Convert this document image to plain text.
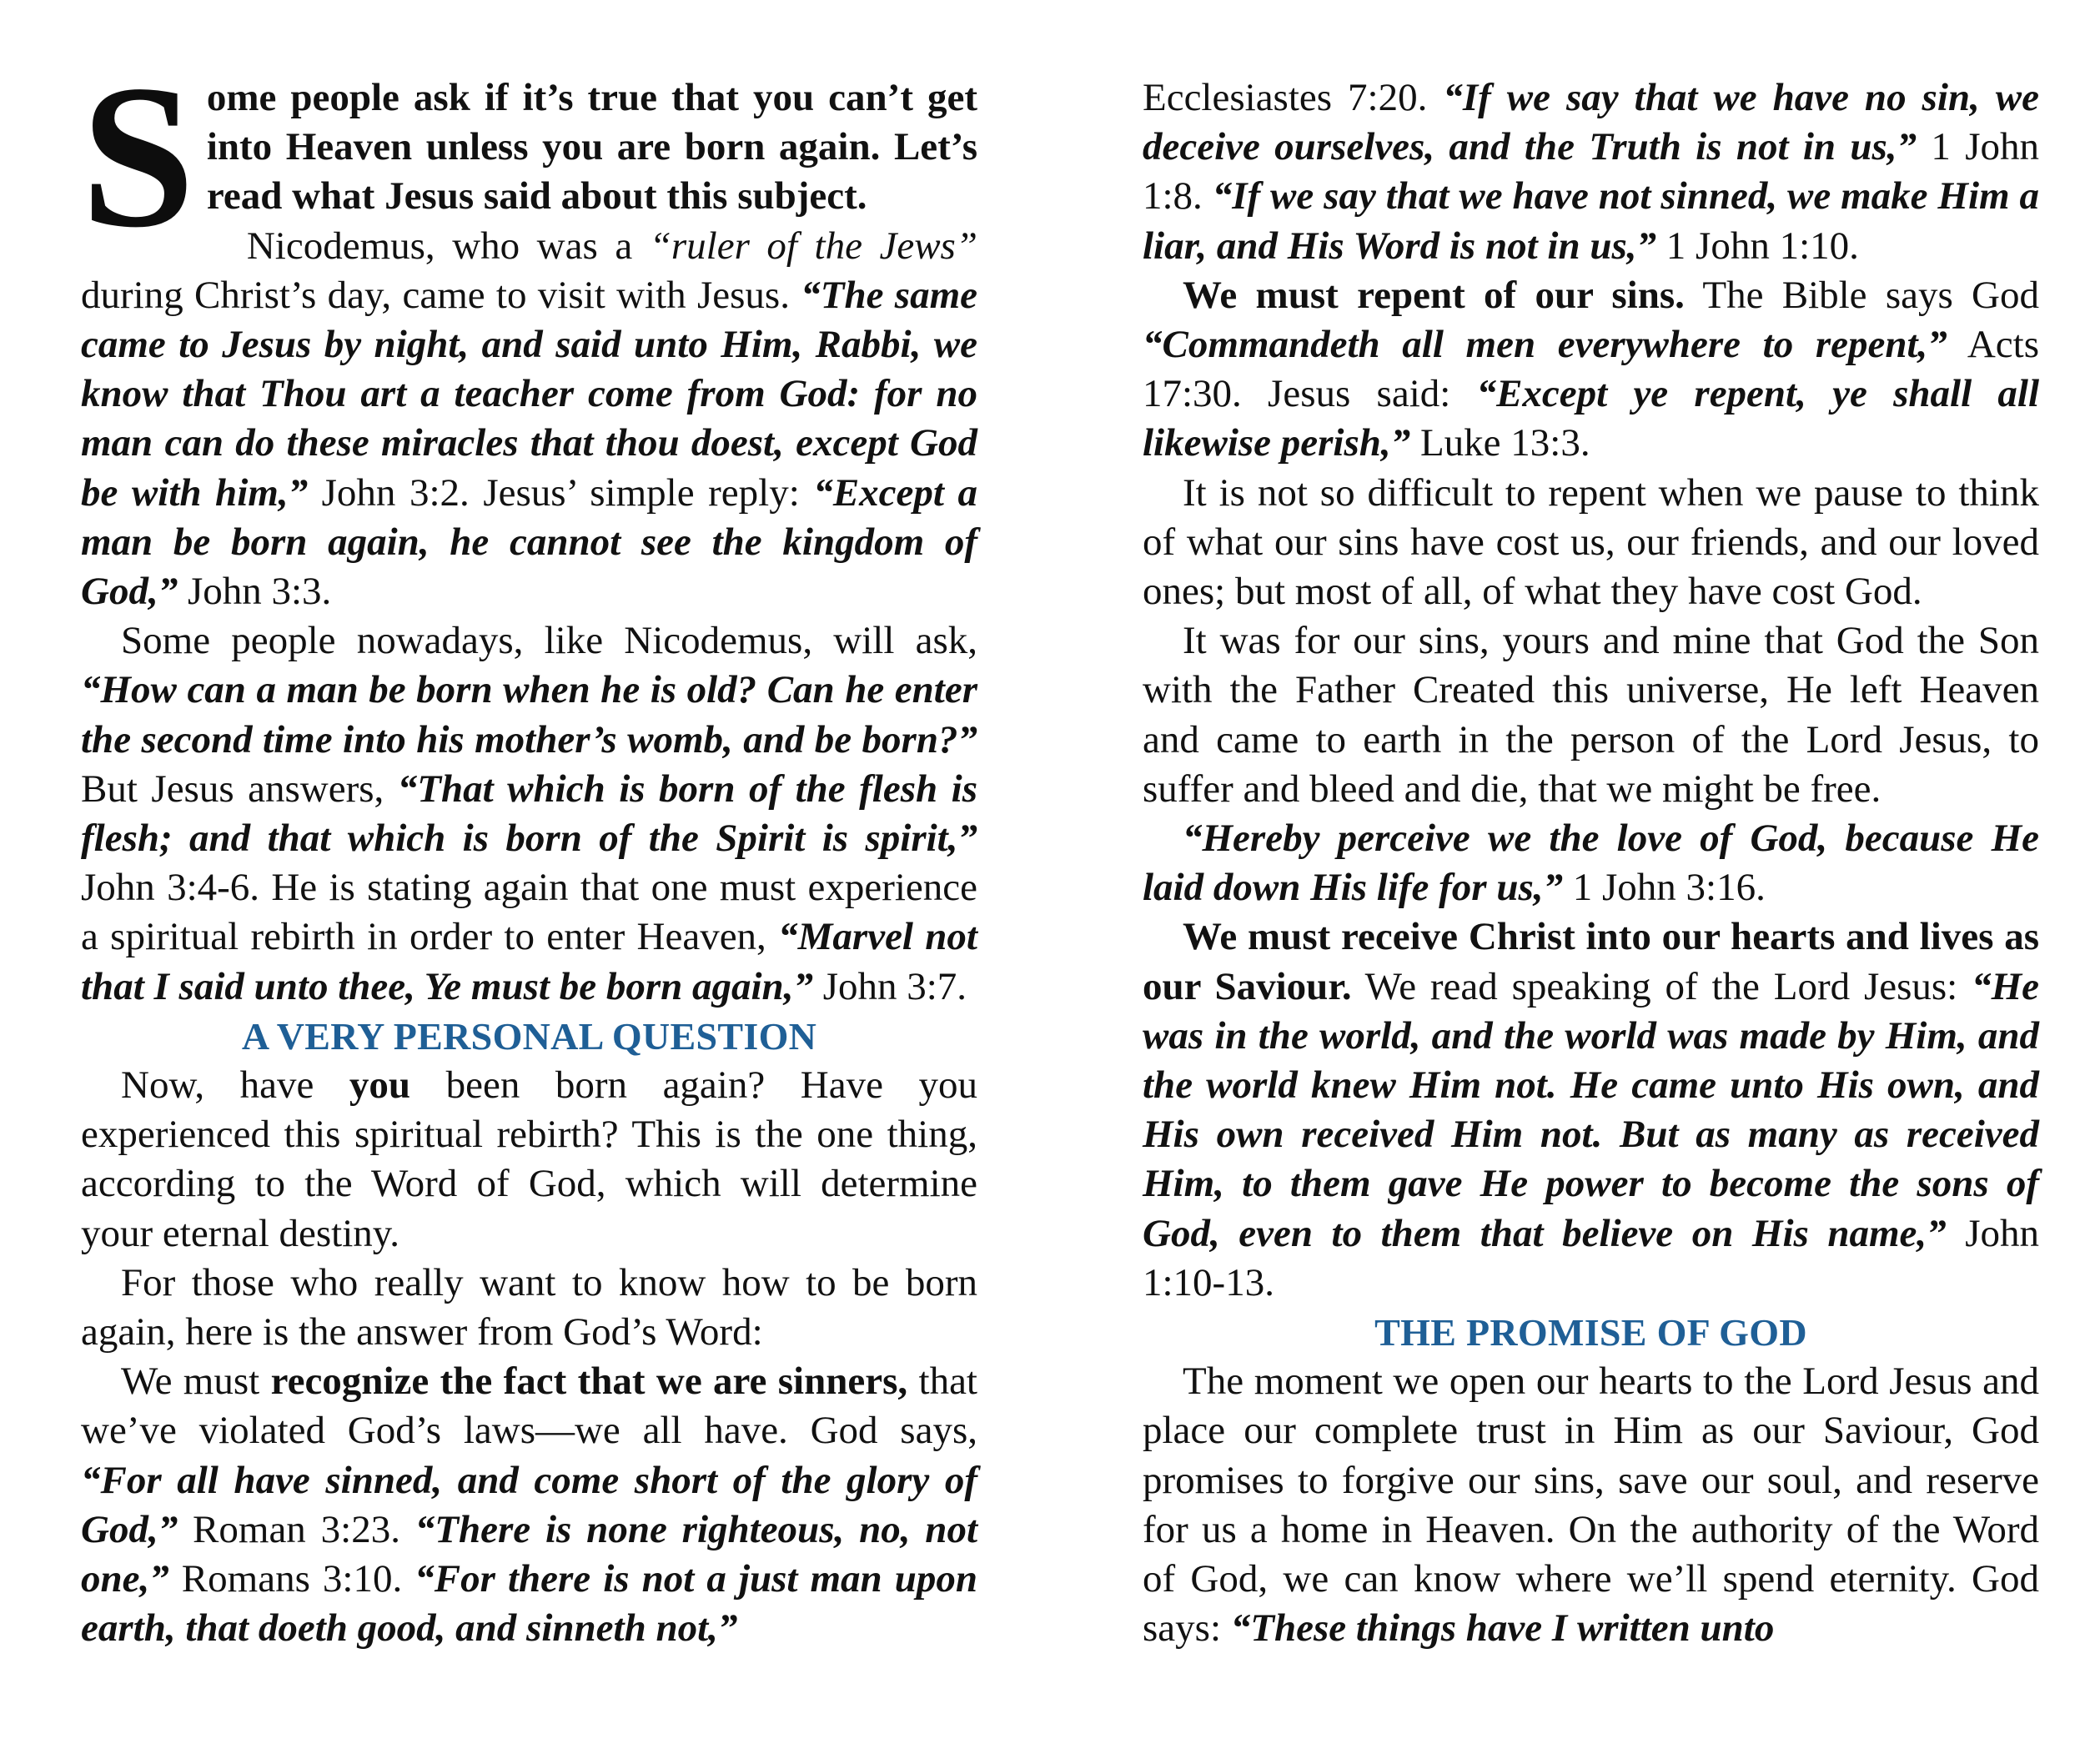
Some people ask if it’s true that you can’t get into Heaven unless you are born again. Let’s read what Jesus said about this subject.

Nicodemus, who was a “ruler of the Jews” during Christ’s day, came to visit with Jesus. “The same came to Jesus by night, and said unto Him, Rabbi, we know that Thou art a teacher come from God: for no man can do these miracles that thou doest, except God be with him,” John 3:2. Jesus’ simple reply: “Except a man be born again, he cannot see the kingdom of God,” John 3:3.

Some people nowadays, like Nicodemus, will ask, “How can a man be born when he is old? Can he enter the second time into his mother’s womb, and be born?” But Jesus answers, “That which is born of the flesh is flesh; and that which is born of the Spirit is spirit,” John 3:4-6. He is stating again that one must experience a spiritual rebirth in order to enter Heaven, “Marvel not that I said unto thee, Ye must be born again,” John 3:7.

A VERY PERSONAL QUESTION

Now, have you been born again? Have you experienced this spiritual rebirth? This is the one thing, according to the Word of God, which will determine your eternal destiny.

For those who really want to know how to be born again, here is the answer from God’s Word:

We must recognize the fact that we are sinners, that we’ve violated God’s laws—we all have. God says, “For all have sinned, and come short of the glory of God,” Roman 3:23. “There is none righteous, no, not one,” Romans 3:10. “For there is not a just man upon earth, that doeth good, and sinneth not,”

Ecclesiastes 7:20. “If we say that we have no sin, we deceive ourselves, and the Truth is not in us,” 1 John 1:8. “If we say that we have not sinned, we make Him a liar, and His Word is not in us,” 1 John 1:10.

We must repent of our sins. The Bible says God “Commandeth all men everywhere to repent,” Acts 17:30. Jesus said: “Except ye repent, ye shall all likewise perish,” Luke 13:3.

It is not so difficult to repent when we pause to think of what our sins have cost us, our friends, and our loved ones; but most of all, of what they have cost God.

It was for our sins, yours and mine that God the Son with the Father Created this universe, He left Heaven and came to earth in the person of the Lord Jesus, to suffer and bleed and die, that we might be free.

“Hereby perceive we the love of God, because He laid down His life for us,” 1 John 3:16.

We must receive Christ into our hearts and lives as our Saviour. We read speaking of the Lord Jesus: “He was in the world, and the world was made by Him, and the world knew Him not. He came unto His own, and His own received Him not. But as many as received Him, to them gave He power to become the sons of God, even to them that believe on His name,” John 1:10-13.

THE PROMISE OF GOD

The moment we open our hearts to the Lord Jesus and place our complete trust in Him as our Saviour, God promises to forgive our sins, save our soul, and reserve for us a home in Heaven. On the authority of the Word of God, we can know where we’ll spend eternity. God says: “These things have I written unto
